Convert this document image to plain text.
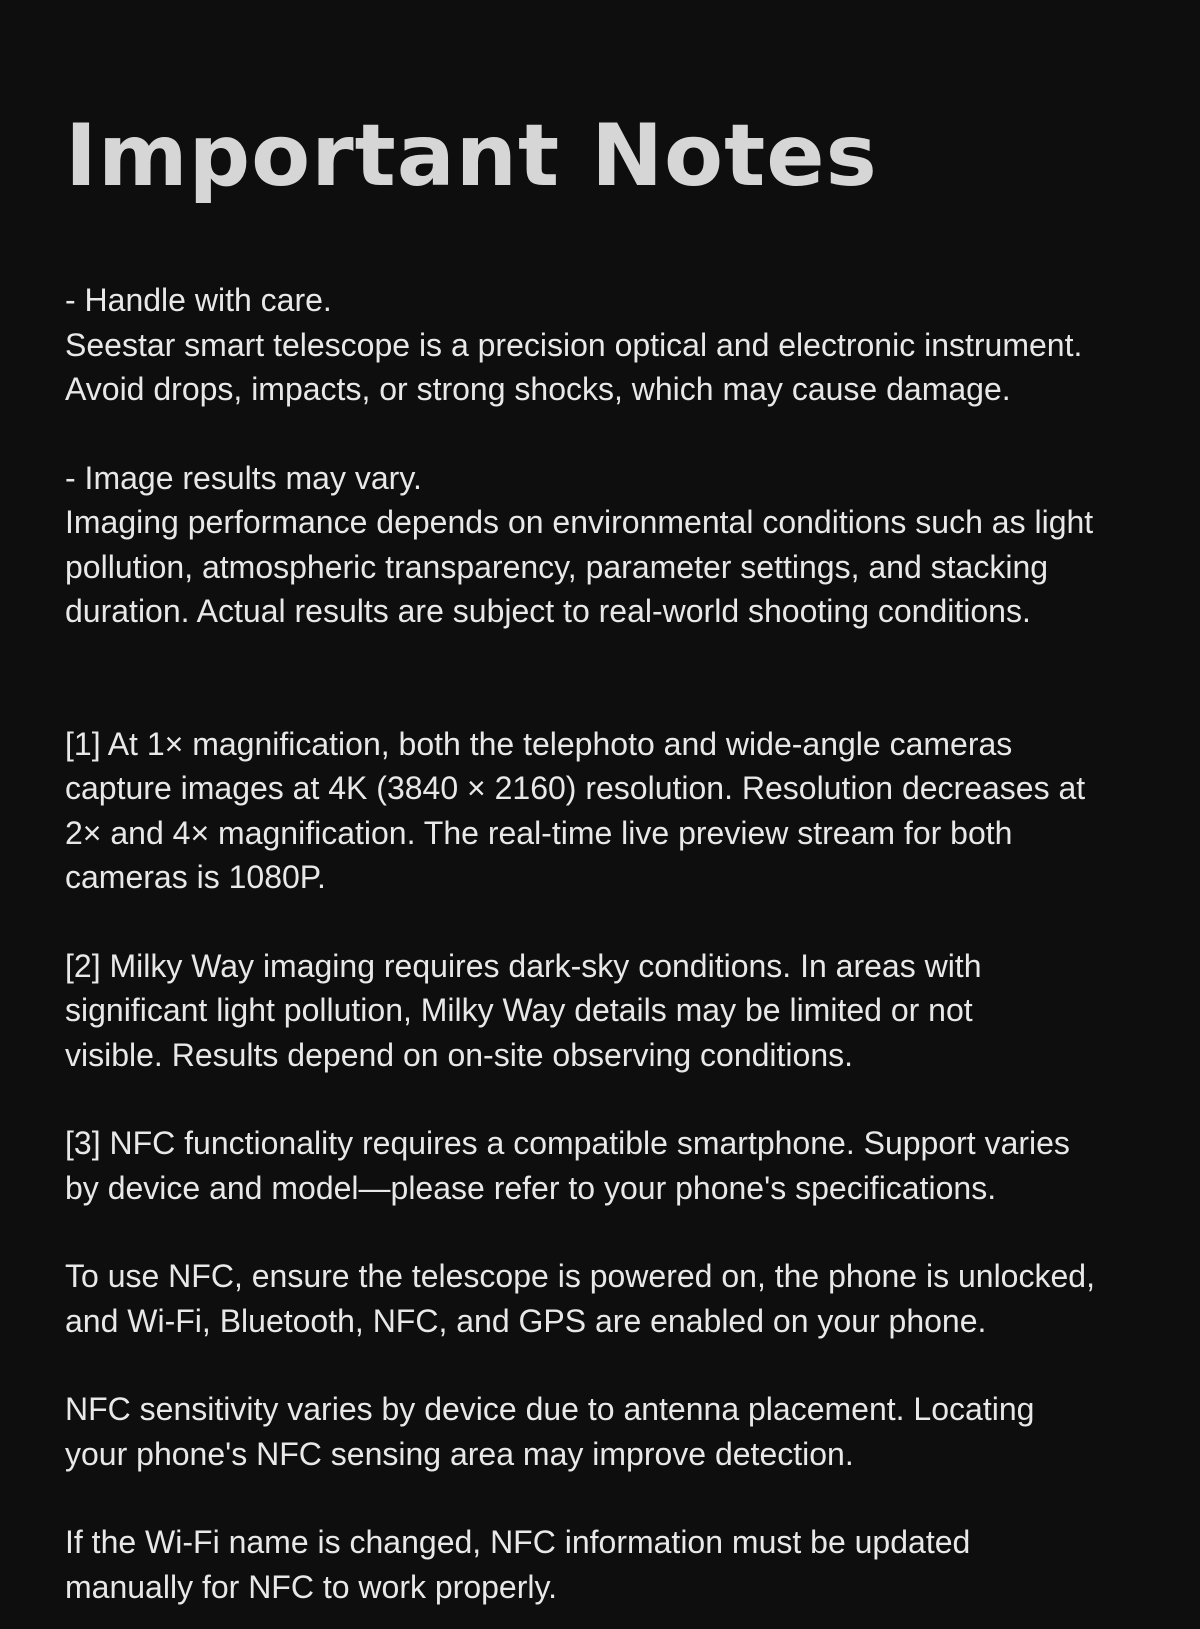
Important Notes

- Handle with care.
Seestar smart telescope is a precision optical and electronic instrument.
Avoid drops, impacts, or strong shocks, which may cause damage.

- Image results may vary.
Imaging performance depends on environmental conditions such as light
pollution, atmospheric transparency, parameter settings, and stacking
duration. Actual results are subject to real-world shooting conditions.

[1] At 1× magnification, both the telephoto and wide-angle cameras
capture images at 4K (3840 × 2160) resolution. Resolution decreases at
2× and 4× magnification. The real-time live preview stream for both
cameras is 1080P.

[2] Milky Way imaging requires dark-sky conditions. In areas with
significant light pollution, Milky Way details may be limited or not
visible. Results depend on on-site observing conditions.

[3] NFC functionality requires a compatible smartphone. Support varies
by device and model—please refer to your phone's specifications.

To use NFC, ensure the telescope is powered on, the phone is unlocked,
and Wi-Fi, Bluetooth, NFC, and GPS are enabled on your phone.

NFC sensitivity varies by device due to antenna placement. Locating
your phone's NFC sensing area may improve detection.

If the Wi-Fi name is changed, NFC information must be updated
manually for NFC to work properly.
